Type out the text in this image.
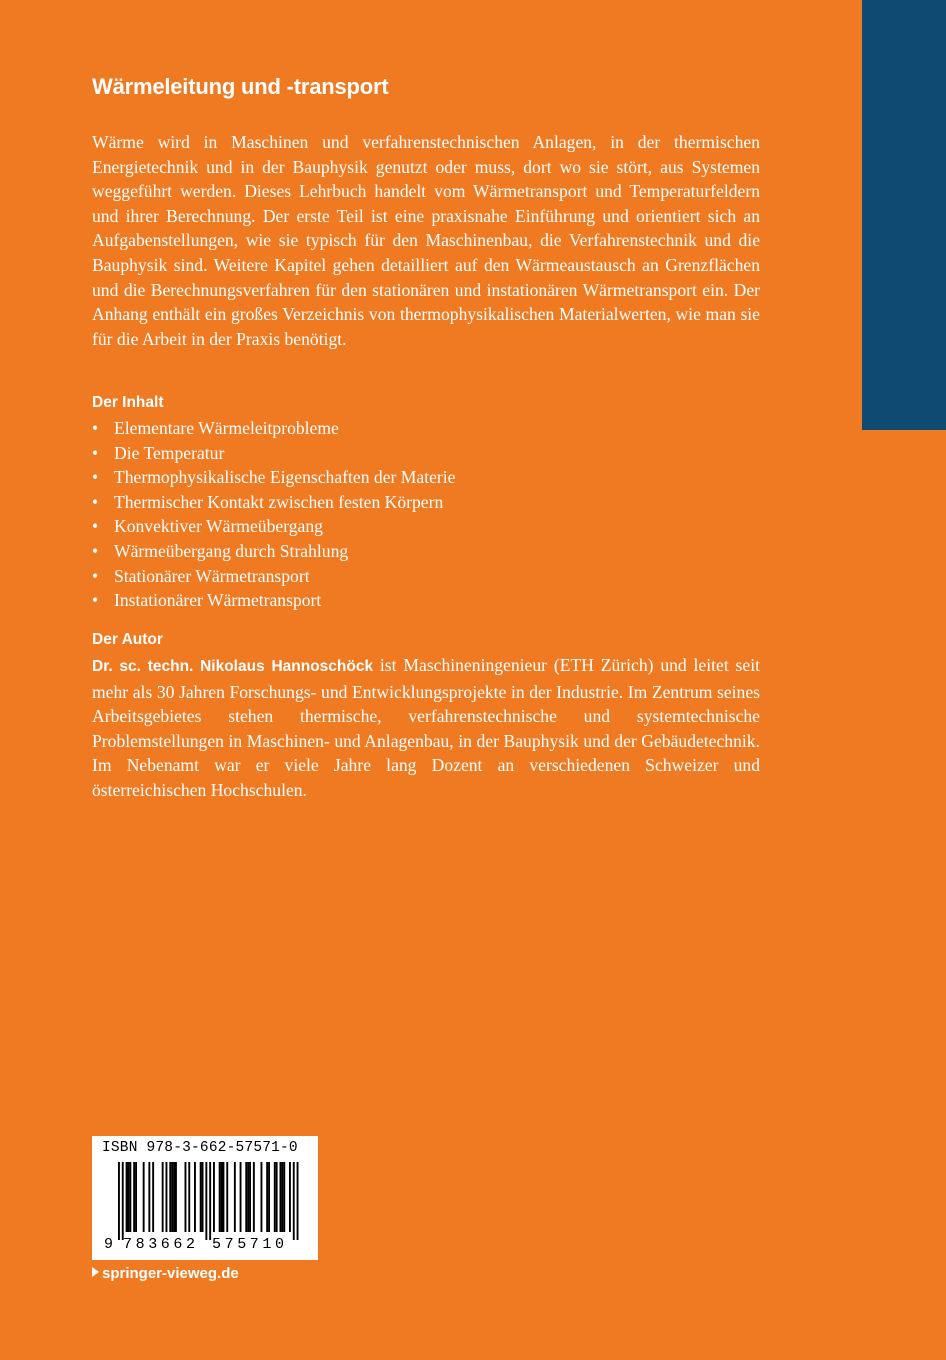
Wärmeleitung und -transport

Wärme wird in Maschinen und verfahrenstechnischen Anlagen, in der thermischen Energietechnik und in der Bauphysik genutzt oder muss, dort wo sie stört, aus Systemen weggeführt werden. Dieses Lehrbuch handelt vom Wärmetransport und Temperaturfeldern und ihrer Berechnung. Der erste Teil ist eine praxisnahe Einführung und orientiert sich an Aufgabenstellungen, wie sie typisch für den Maschinenbau, die Verfahrenstechnik und die Bauphysik sind. Weitere Kapitel gehen detailliert auf den Wärmeaustausch an Grenzflächen und die Berechnungsverfahren für den stationären und instationären Wärmetransport ein. Der Anhang enthält ein großes Verzeichnis von thermophysikalischen Materialwerten, wie man sie für die Arbeit in der Praxis benötigt.

Der Inhalt
• Elementare Wärmeleitprobleme
• Die Temperatur
• Thermophysikalische Eigenschaften der Materie
• Thermischer Kontakt zwischen festen Körpern
• Konvektiver Wärmeübergang
• Wärmeübergang durch Strahlung
• Stationärer Wärmetransport
• Instationärer Wärmetransport
Der Autor

Dr. sc. techn. Nikolaus Hannoschöck ist Maschineningenieur (ETH Zürich) und leitet seit mehr als 30 Jahren Forschungs- und Entwicklungsprojekte in der Industrie. Im Zentrum seines Arbeitsgebietes stehen thermische, verfahrenstechnische und systemtechnische Problemstellungen in Maschinen- und Anlagenbau, in der Bauphysik und der Gebäudetechnik. Im Nebenamt war er viele Jahre lang Dozent an verschiedenen Schweizer und österreichischen Hochschulen.

ISBN 978-3-662-57571-0
9 783662 575710
springer-vieweg.de
